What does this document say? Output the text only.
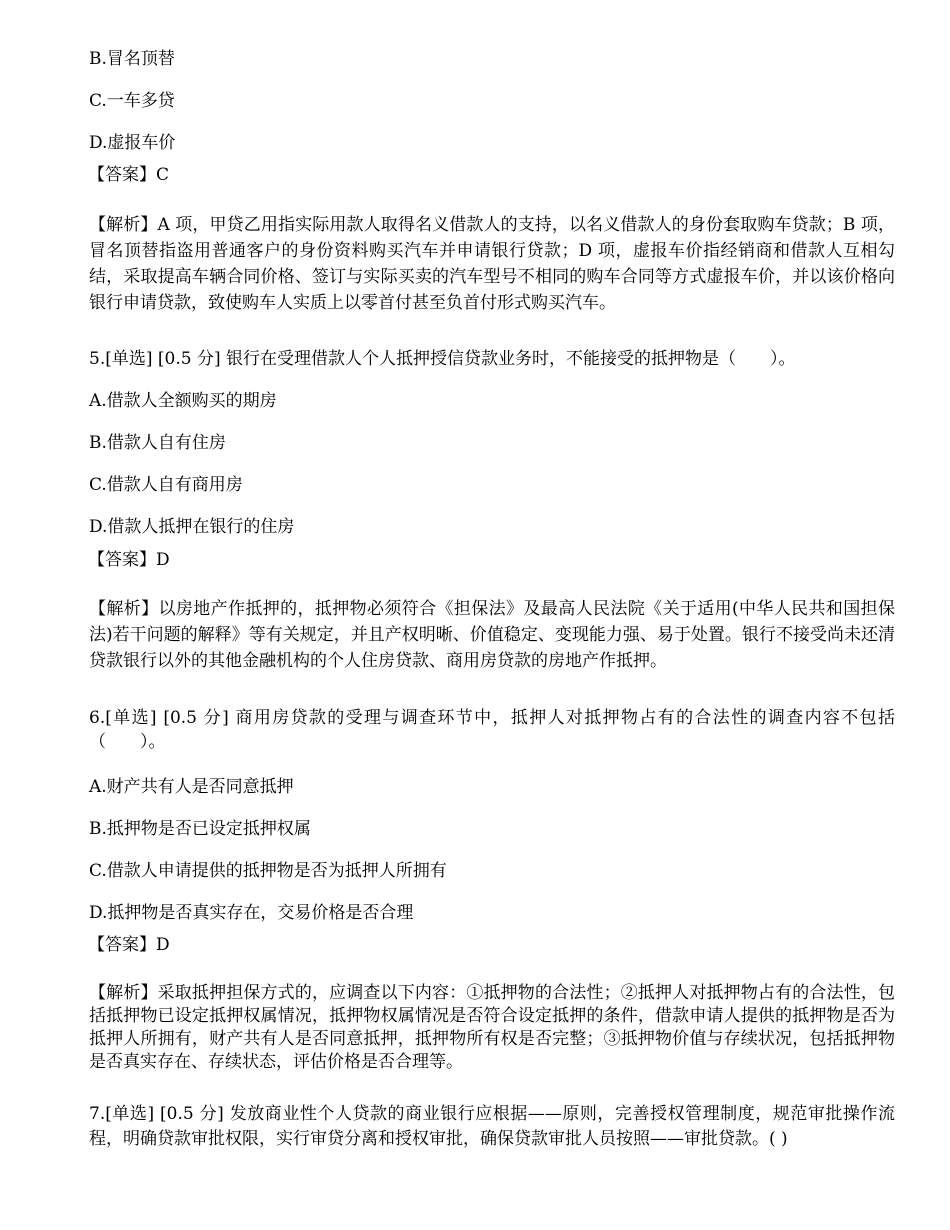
B.冒名顶替
C.一车多贷
D.虚报车价
【答案】C
【解析】A 项，甲贷乙用指实际用款人取得名义借款人的支持，以名义借款人的身份套取购车贷款；B 项，冒名顶替指盗用普通客户的身份资料购买汽车并申请银行贷款；D 项，虚报车价指经销商和借款人互相勾结，采取提高车辆合同价格、签订与实际买卖的汽车型号不相同的购车合同等方式虚报车价，并以该价格向银行申请贷款，致使购车人实质上以零首付甚至负首付形式购买汽车。
5.[单选] [0.5 分] 银行在受理借款人个人抵押授信贷款业务时，不能接受的抵押物是（　　）。
A.借款人全额购买的期房
B.借款人自有住房
C.借款人自有商用房
D.借款人抵押在银行的住房
【答案】D
【解析】以房地产作抵押的，抵押物必须符合《担保法》及最高人民法院《关于适用(中华人民共和国担保法)若干问题的解释》等有关规定，并且产权明晰、价值稳定、变现能力强、易于处置。银行不接受尚未还清贷款银行以外的其他金融机构的个人住房贷款、商用房贷款的房地产作抵押。
6.[单选] [0.5 分] 商用房贷款的受理与调查环节中，抵押人对抵押物占有的合法性的调查内容不包括（　　）。
A.财产共有人是否同意抵押
B.抵押物是否已设定抵押权属
C.借款人申请提供的抵押物是否为抵押人所拥有
D.抵押物是否真实存在，交易价格是否合理
【答案】D
【解析】采取抵押担保方式的，应调查以下内容：①抵押物的合法性；②抵押人对抵押物占有的合法性，包括抵押物已设定抵押权属情况，抵押物权属情况是否符合设定抵押的条件，借款申请人提供的抵押物是否为抵押人所拥有，财产共有人是否同意抵押，抵押物所有权是否完整；③抵押物价值与存续状况，包括抵押物是否真实存在、存续状态，评估价格是否合理等。
7.[单选] [0.5 分] 发放商业性个人贷款的商业银行应根据——原则，完善授权管理制度，规范审批操作流程，明确贷款审批权限，实行审贷分离和授权审批，确保贷款审批人员按照——审批贷款。( )
